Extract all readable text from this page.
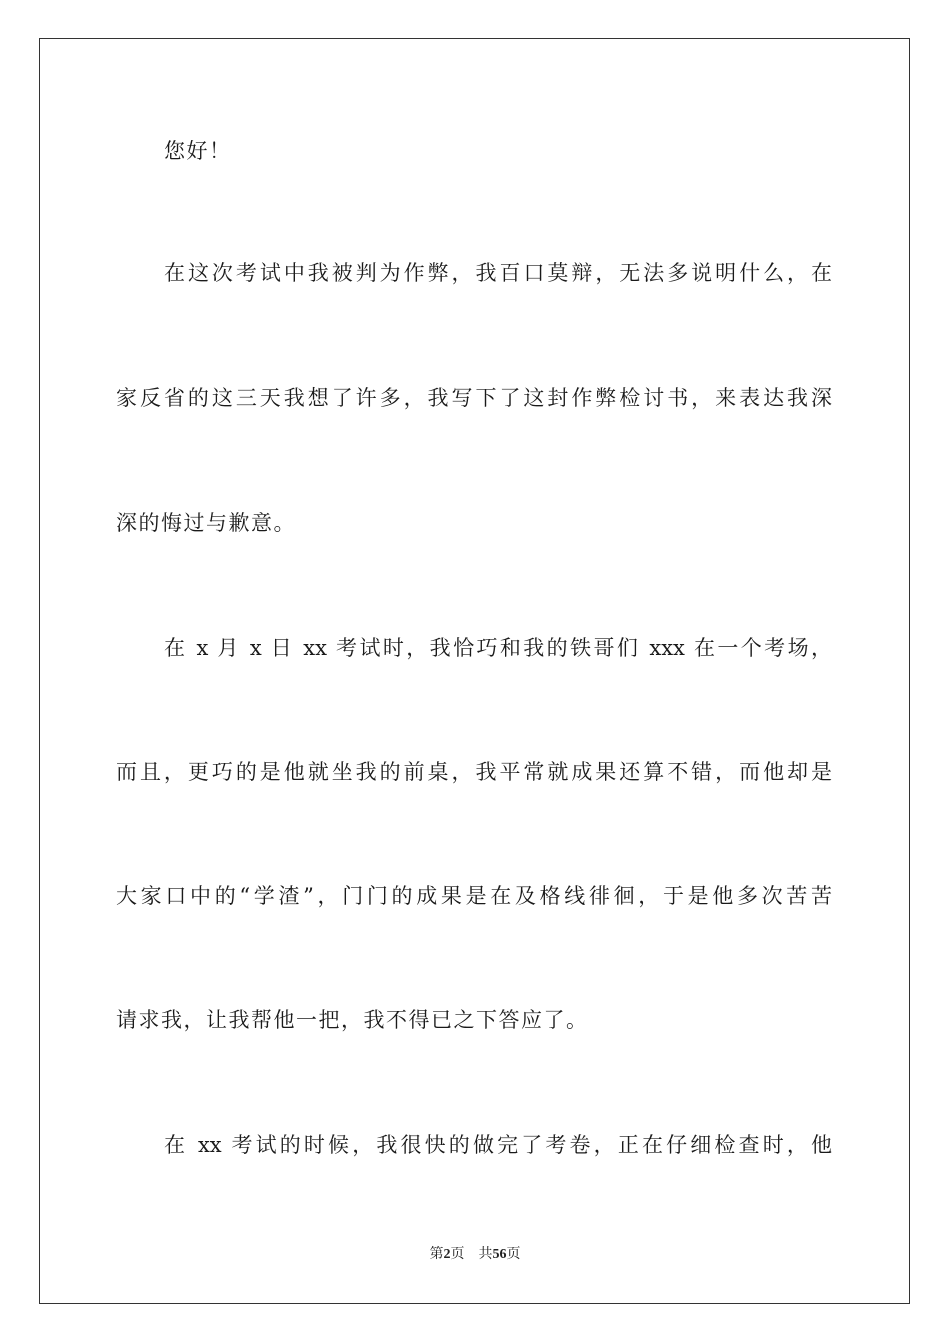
您好！
在这次考试中我被判为作弊，我百口莫辩，无法多说明什么，在
家反省的这三天我想了许多，我写下了这封作弊检讨书，来表达我深
深的悔过与歉意。
在 x 月 x 日 xx 考试时，我恰巧和我的铁哥们 xxx 在一个考场，
而且，更巧的是他就坐我的前桌，我平常就成果还算不错，而他却是
大家口中的“学渣”，门门的成果是在及格线徘徊，于是他多次苦苦
请求我，让我帮他一把，我不得已之下答应了。
在 xx 考试的时候，我很快的做完了考卷，正在仔细检查时，他
第2页 共56页
